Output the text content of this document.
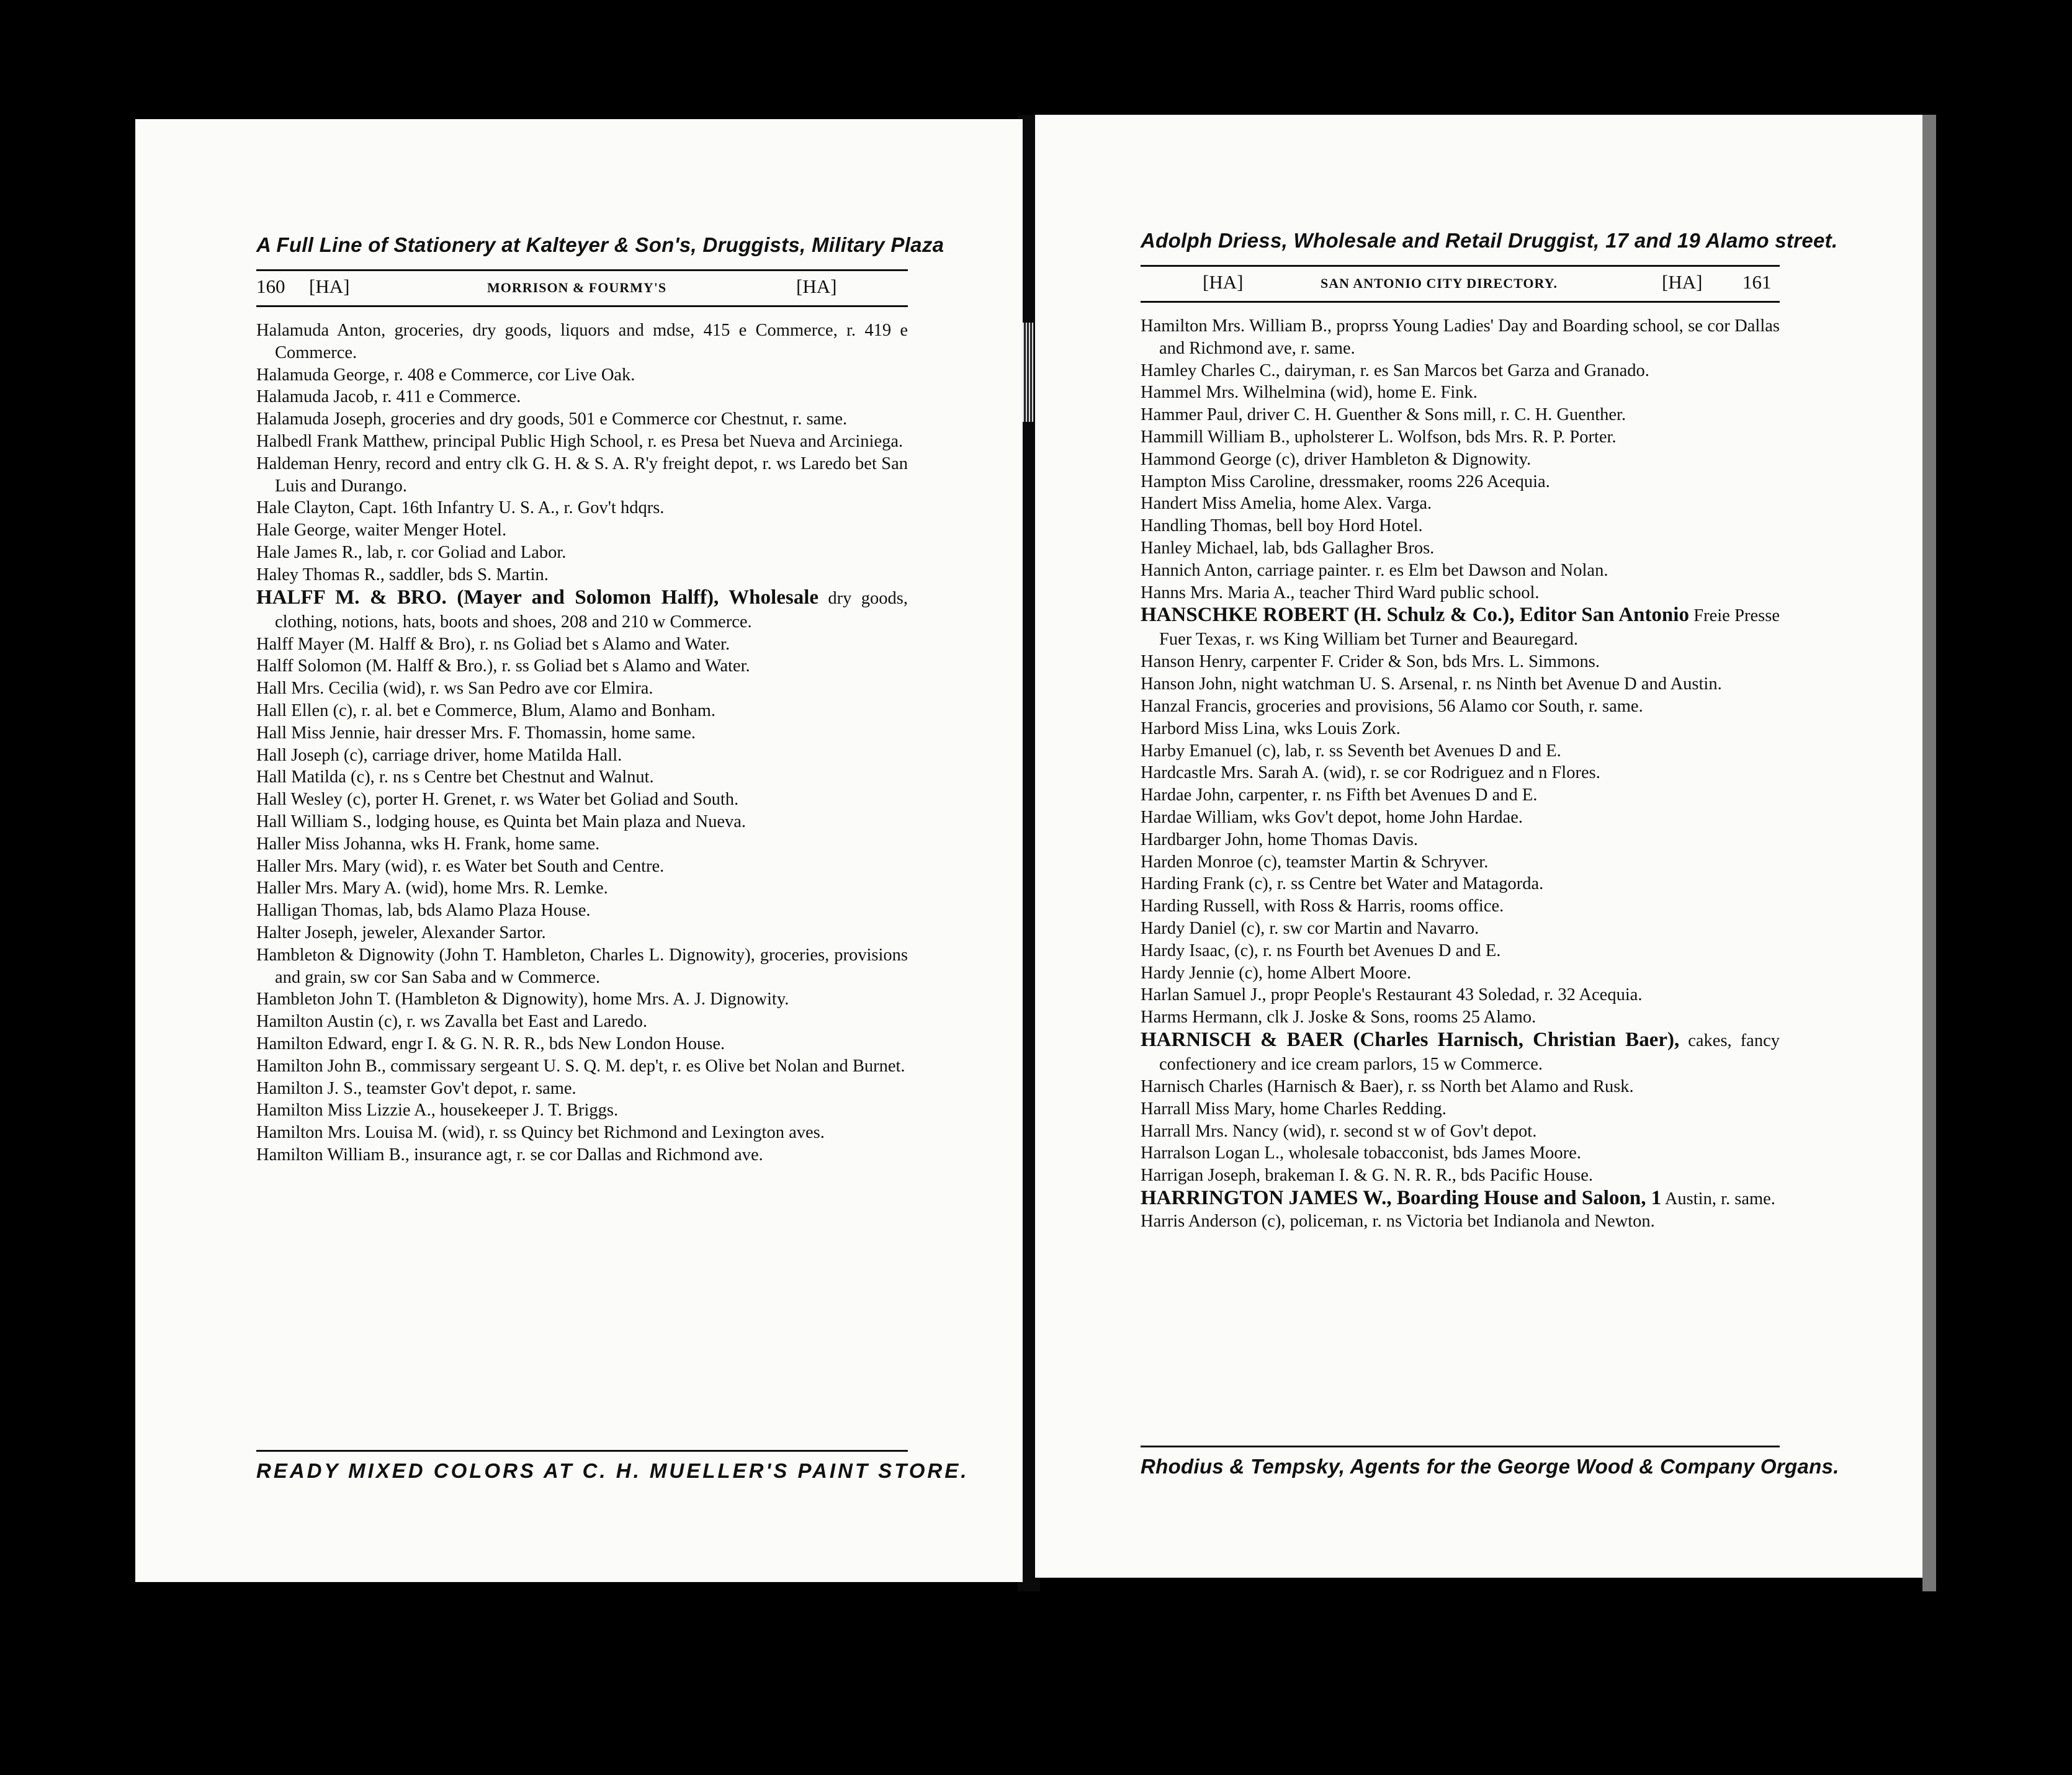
A Full Line of Stationery at Kalteyer & Son's, Druggists, Military Plaza
160 [HA]	MORRISON & FOURMY'S	[HA]
Halamuda Anton, groceries, dry goods, liquors and mdse, 415 e Commerce, r. 419 e Commerce.
Halamuda George, r. 408 e Commerce, cor Live Oak.
Halamuda Jacob, r. 411 e Commerce.
Halamuda Joseph, groceries and dry goods, 501 e Commerce cor Chestnut, r. same.
Halbedl Frank Matthew, principal Public High School, r. es Presa bet Nueva and Arciniega.
Haldeman Henry, record and entry clk G. H. & S. A. R'y freight depot, r. ws Laredo bet San Luis and Durango.
Hale Clayton, Capt. 16th Infantry U. S. A., r. Gov't hdqrs.
Hale George, waiter Menger Hotel.
Hale James R., lab, r. cor Goliad and Labor.
Haley Thomas R., saddler, bds S. Martin.
HALFF M. & BRO. (Mayer and Solomon Halff), Wholesale dry goods, clothing, notions, hats, boots and shoes, 208 and 210 w Commerce.
Halff Mayer (M. Halff & Bro), r. ns Goliad bet s Alamo and Water.
Halff Solomon (M. Halff & Bro.), r. ss Goliad bet s Alamo and Water.
Hall Mrs. Cecilia (wid), r. ws San Pedro ave cor Elmira.
Hall Ellen (c), r. al. bet e Commerce, Blum, Alamo and Bonham.
Hall Miss Jennie, hair dresser Mrs. F. Thomassin, home same.
Hall Joseph (c), carriage driver, home Matilda Hall.
Hall Matilda (c), r. ns s Centre bet Chestnut and Walnut.
Hall Wesley (c), porter H. Grenet, r. ws Water bet Goliad and South.
Hall William S., lodging house, es Quinta bet Main plaza and Nueva.
Haller Miss Johanna, wks H. Frank, home same.
Haller Mrs. Mary (wid), r. es Water bet South and Centre.
Haller Mrs. Mary A. (wid), home Mrs. R. Lemke.
Halligan Thomas, lab, bds Alamo Plaza House.
Halter Joseph, jeweler, Alexander Sartor.
Hambleton & Dignowity (John T. Hambleton, Charles L. Dignowity), groceries, provisions and grain, sw cor San Saba and w Commerce.
Hambleton John T. (Hambleton & Dignowity), home Mrs. A. J. Dignowity.
Hamilton Austin (c), r. ws Zavalla bet East and Laredo.
Hamilton Edward, engr I. & G. N. R. R., bds New London House.
Hamilton John B., commissary sergeant U. S. Q. M. dep't, r. es Olive bet Nolan and Burnet.
Hamilton J. S., teamster Gov't depot, r. same.
Hamilton Miss Lizzie A., housekeeper J. T. Briggs.
Hamilton Mrs. Louisa M. (wid), r. ss Quincy bet Richmond and Lexington aves.
Hamilton William B., insurance agt, r. se cor Dallas and Richmond ave.
READY MIXED COLORS AT C. H. MUELLER'S PAINT STORE.
Adolph Driess, Wholesale and Retail Druggist, 17 and 19 Alamo street.
[HA]	SAN ANTONIO CITY DIRECTORY.	[HA] 161
Hamilton Mrs. William B., proprss Young Ladies' Day and Boarding school, se cor Dallas and Richmond ave, r. same.
Hamley Charles C., dairyman, r. es San Marcos bet Garza and Granado.
Hammel Mrs. Wilhelmina (wid), home E. Fink.
Hammer Paul, driver C. H. Guenther & Sons mill, r. C. H. Guenther.
Hammill William B., upholsterer L. Wolfson, bds Mrs. R. P. Porter.
Hammond George (c), driver Hambleton & Dignowity.
Hampton Miss Caroline, dressmaker, rooms 226 Acequia.
Handert Miss Amelia, home Alex. Varga.
Handling Thomas, bell boy Hord Hotel.
Hanley Michael, lab, bds Gallagher Bros.
Hannich Anton, carriage painter. r. es Elm bet Dawson and Nolan.
Hanns Mrs. Maria A., teacher Third Ward public school.
HANSCHKE ROBERT (H. Schulz & Co.), Editor San Antonio Freie Presse Fuer Texas, r. ws King William bet Turner and Beauregard.
Hanson Henry, carpenter F. Crider & Son, bds Mrs. L. Simmons.
Hanson John, night watchman U. S. Arsenal, r. ns Ninth bet Avenue D and Austin.
Hanzal Francis, groceries and provisions, 56 Alamo cor South, r. same.
Harbord Miss Lina, wks Louis Zork.
Harby Emanuel (c), lab, r. ss Seventh bet Avenues D and E.
Hardcastle Mrs. Sarah A. (wid), r. se cor Rodriguez and n Flores.
Hardae John, carpenter, r. ns Fifth bet Avenues D and E.
Hardae William, wks Gov't depot, home John Hardae.
Hardbarger John, home Thomas Davis.
Harden Monroe (c), teamster Martin & Schryver.
Harding Frank (c), r. ss Centre bet Water and Matagorda.
Harding Russell, with Ross & Harris, rooms office.
Hardy Daniel (c), r. sw cor Martin and Navarro.
Hardy Isaac, (c), r. ns Fourth bet Avenues D and E.
Hardy Jennie (c), home Albert Moore.
Harlan Samuel J., propr People's Restaurant 43 Soledad, r. 32 Acequia.
Harms Hermann, clk J. Joske & Sons, rooms 25 Alamo.
HARNISCH & BAER (Charles Harnisch, Christian Baer), cakes, fancy confectionery and ice cream parlors, 15 w Commerce.
Harnisch Charles (Harnisch & Baer), r. ss North bet Alamo and Rusk.
Harrall Miss Mary, home Charles Redding.
Harrall Mrs. Nancy (wid), r. second st w of Gov't depot.
Harralson Logan L., wholesale tobacconist, bds James Moore.
Harrigan Joseph, brakeman I. & G. N. R. R., bds Pacific House.
HARRINGTON JAMES W., Boarding House and Saloon, 1 Austin, r. same.
Harris Anderson (c), policeman, r. ns Victoria bet Indianola and Newton.
Rhodius & Tempsky, Agents for the George Wood & Company Organs.
